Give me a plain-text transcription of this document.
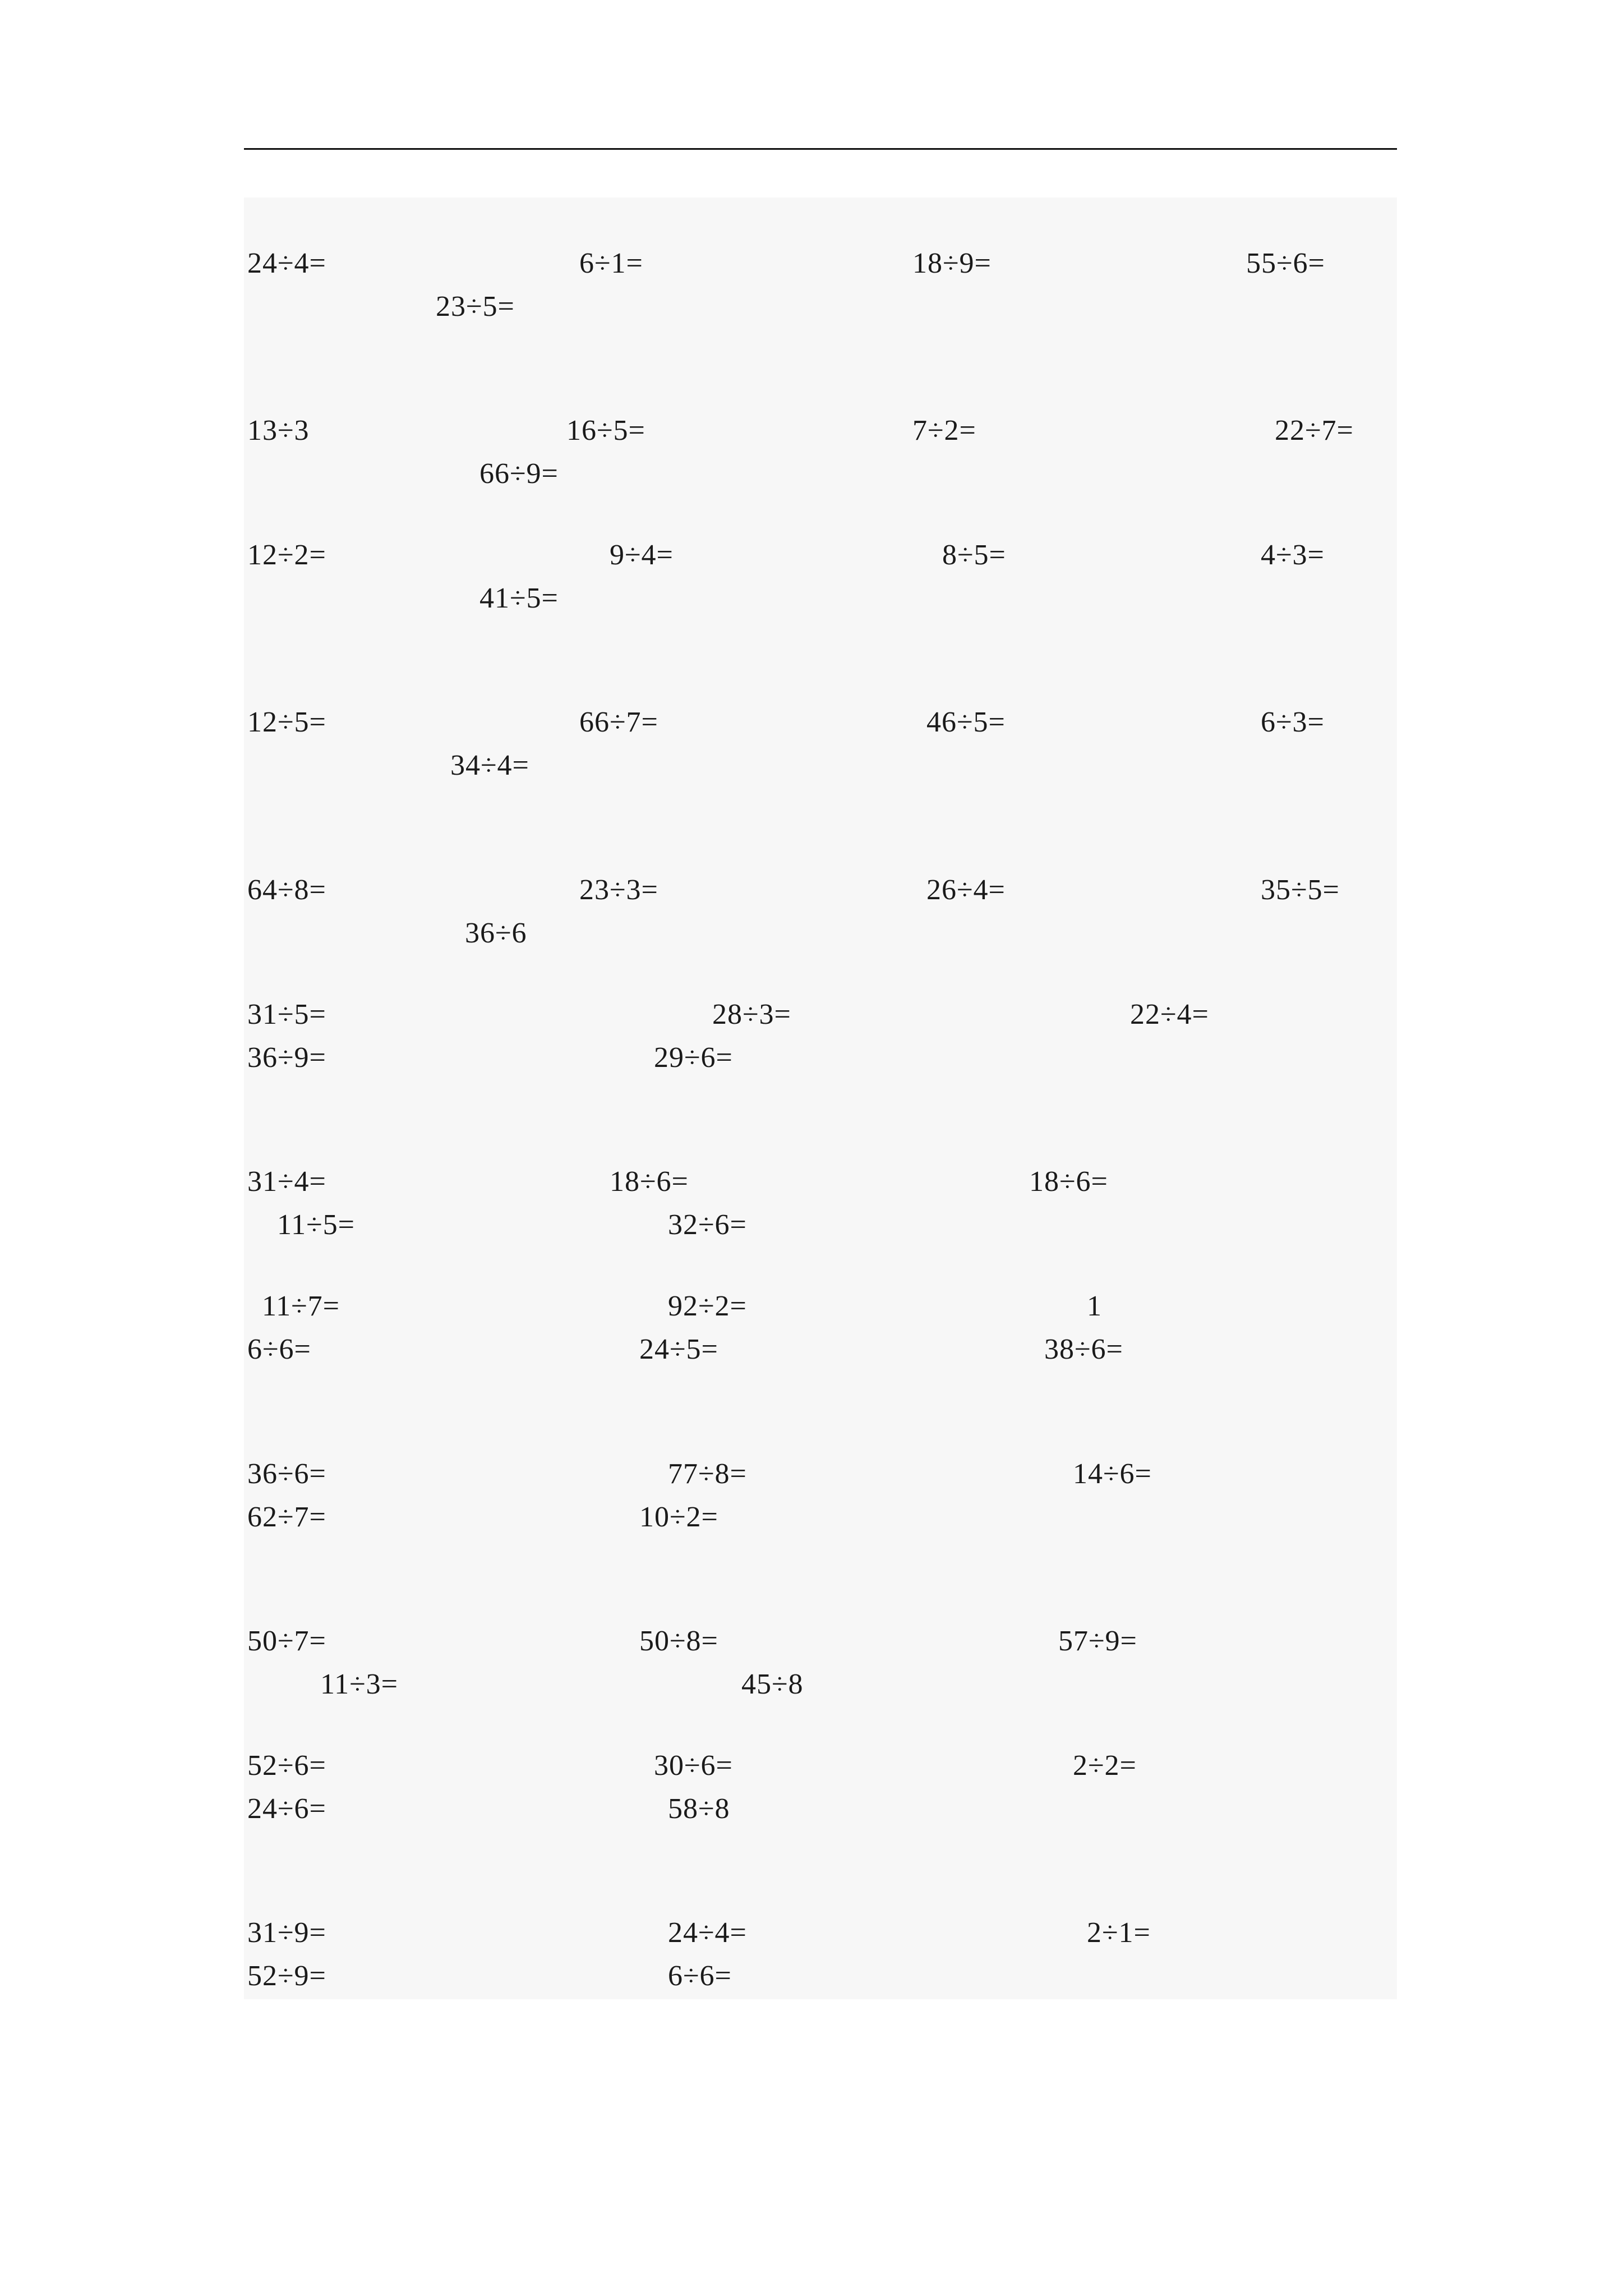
24÷4=	6÷1=	18÷9=	55÷6=
23÷5=
13÷3	16÷5=	7÷2=	22÷7=
66÷9=
12÷2=	9÷4=	8÷5=	4÷3=
41÷5=
12÷5=	66÷7=	46÷5=	6÷3=
34÷4=
64÷8=	23÷3=	26÷4=	35÷5=
36÷6
31÷5=	28÷3=	22÷4=
36÷9=	29÷6=
31÷4=	18÷6=	18÷6=
11÷5=	32÷6=
11÷7=	92÷2=	1
6÷6=	24÷5=	38÷6=
36÷6=	77÷8=	14÷6=
62÷7=	10÷2=
50÷7=	50÷8=	57÷9=
11÷3=	45÷8
52÷6=	30÷6=	2÷2=
24÷6=	58÷8
31÷9=	24÷4=	2÷1=
52÷9=	6÷6=
